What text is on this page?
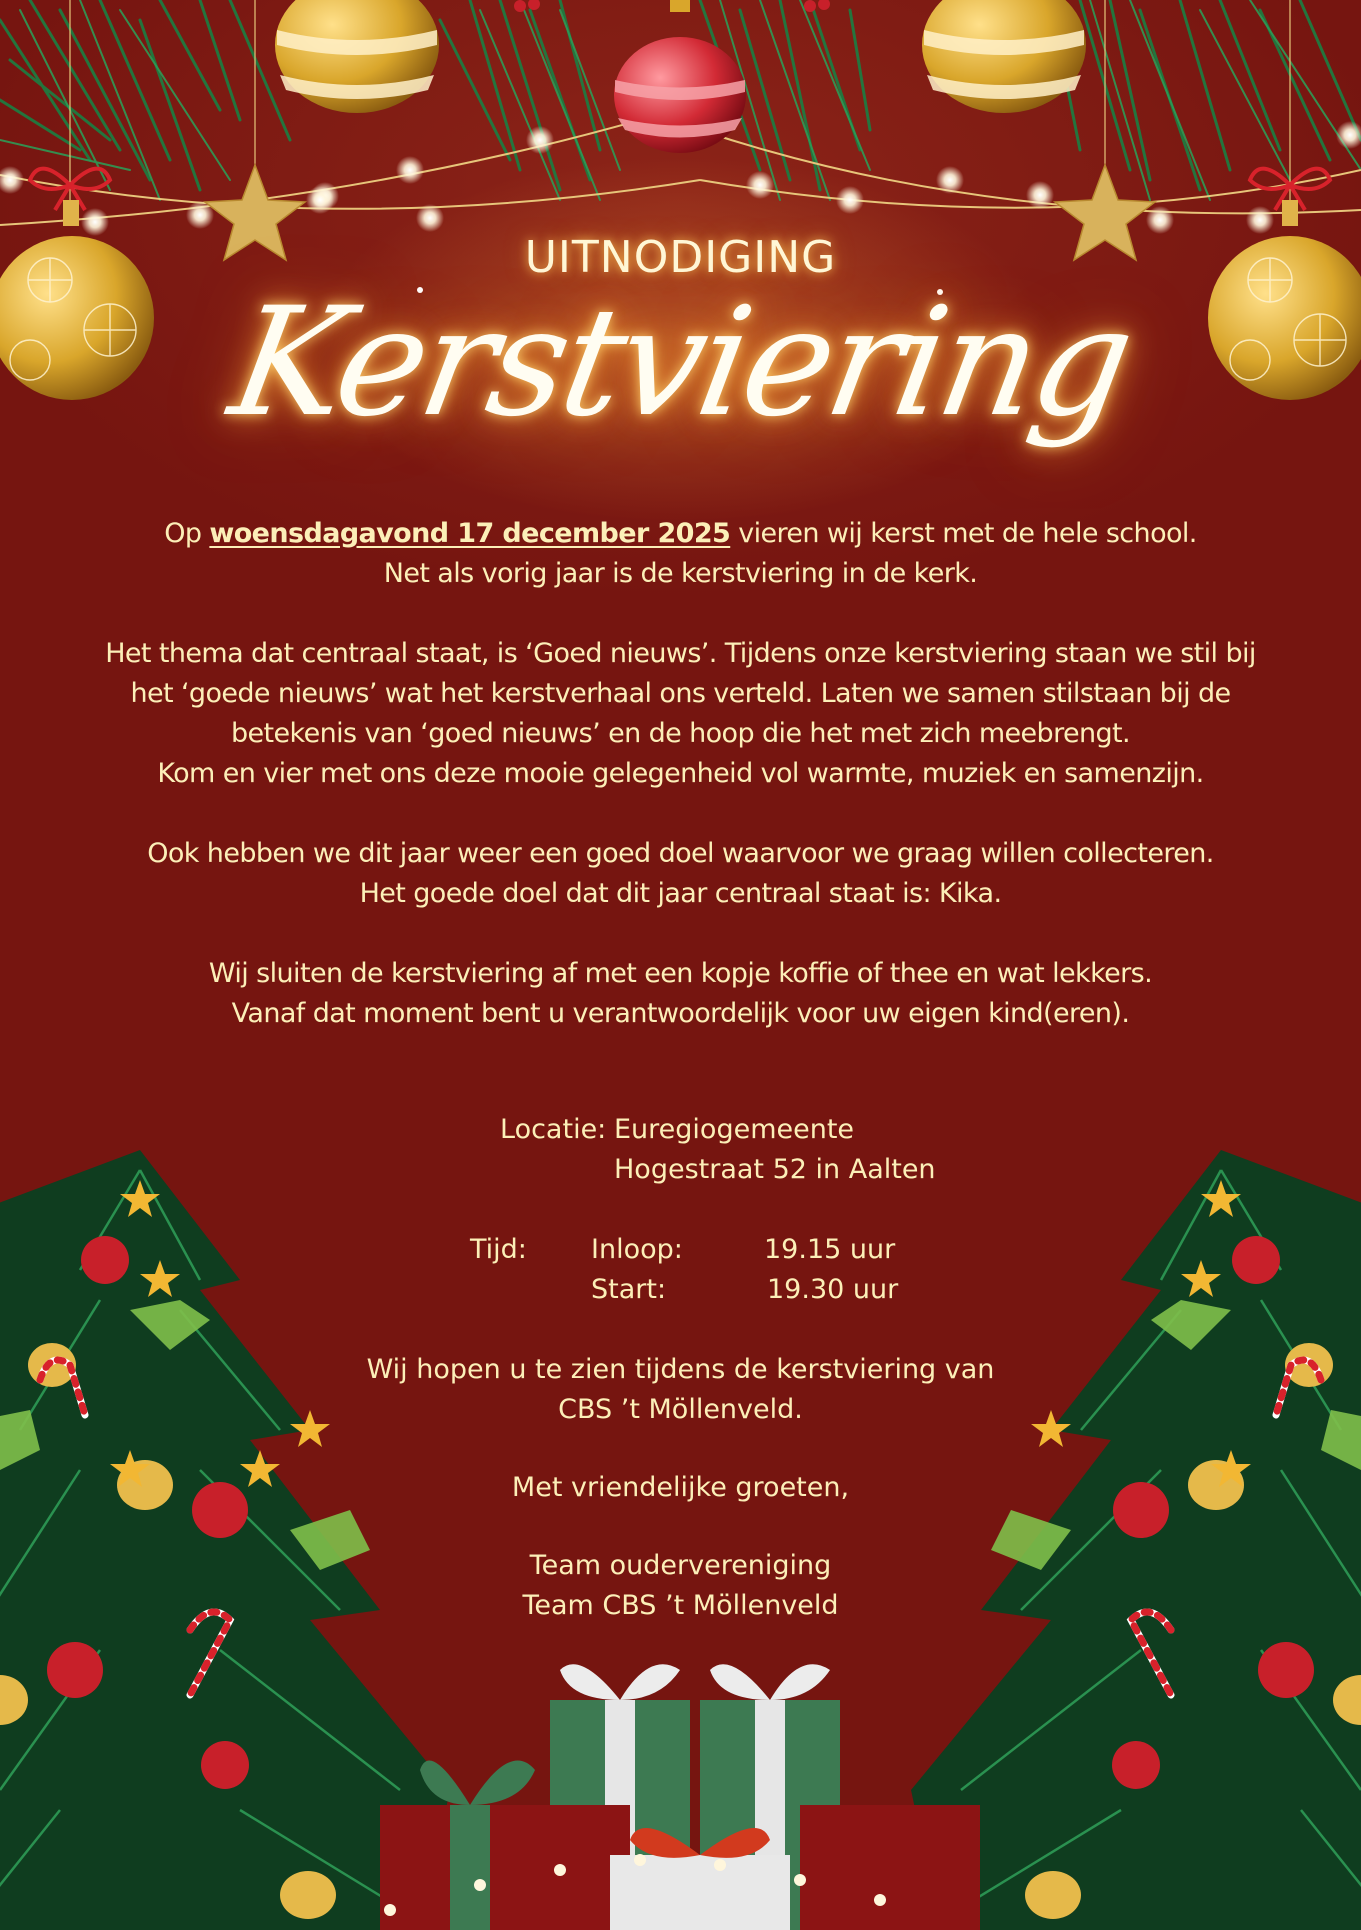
UITNODIGING
Kerstviering

Op woensdagavond 17 december 2025 vieren wij kerst met de hele school.

Net als vorig jaar is de kerstviering in de kerk.

Het thema dat centraal staat, is ‘Goed nieuws’. Tijdens onze kerstviering staan we stil bij

het ‘goede nieuws’ wat het kerstverhaal ons verteld. Laten we samen stilstaan bij de

betekenis van ‘goed nieuws’ en de hoop die het met zich meebrengt.

Kom en vier met ons deze mooie gelegenheid vol warmte, muziek en samenzijn.

Ook hebben we dit jaar weer een goed doel waarvoor we graag willen collecteren.

Het goede doel dat dit jaar centraal staat is: Kika.

Wij sluiten de kerstviering af met een kopje koffie of thee en wat lekkers.

Vanaf dat moment bent u verantwoordelijk voor uw eigen kind(eren).

Locatie: Euregiogemeente
Hogestraat 52 in Aalten
Tijd: Inloop:	19.15 uur
Start:	19.30 uur

Wij hopen u te zien tijdens de kerstviering van

CBS ’t Möllenveld.

Met vriendelijke groeten,

Team oudervereniging

Team CBS ’t Möllenveld
